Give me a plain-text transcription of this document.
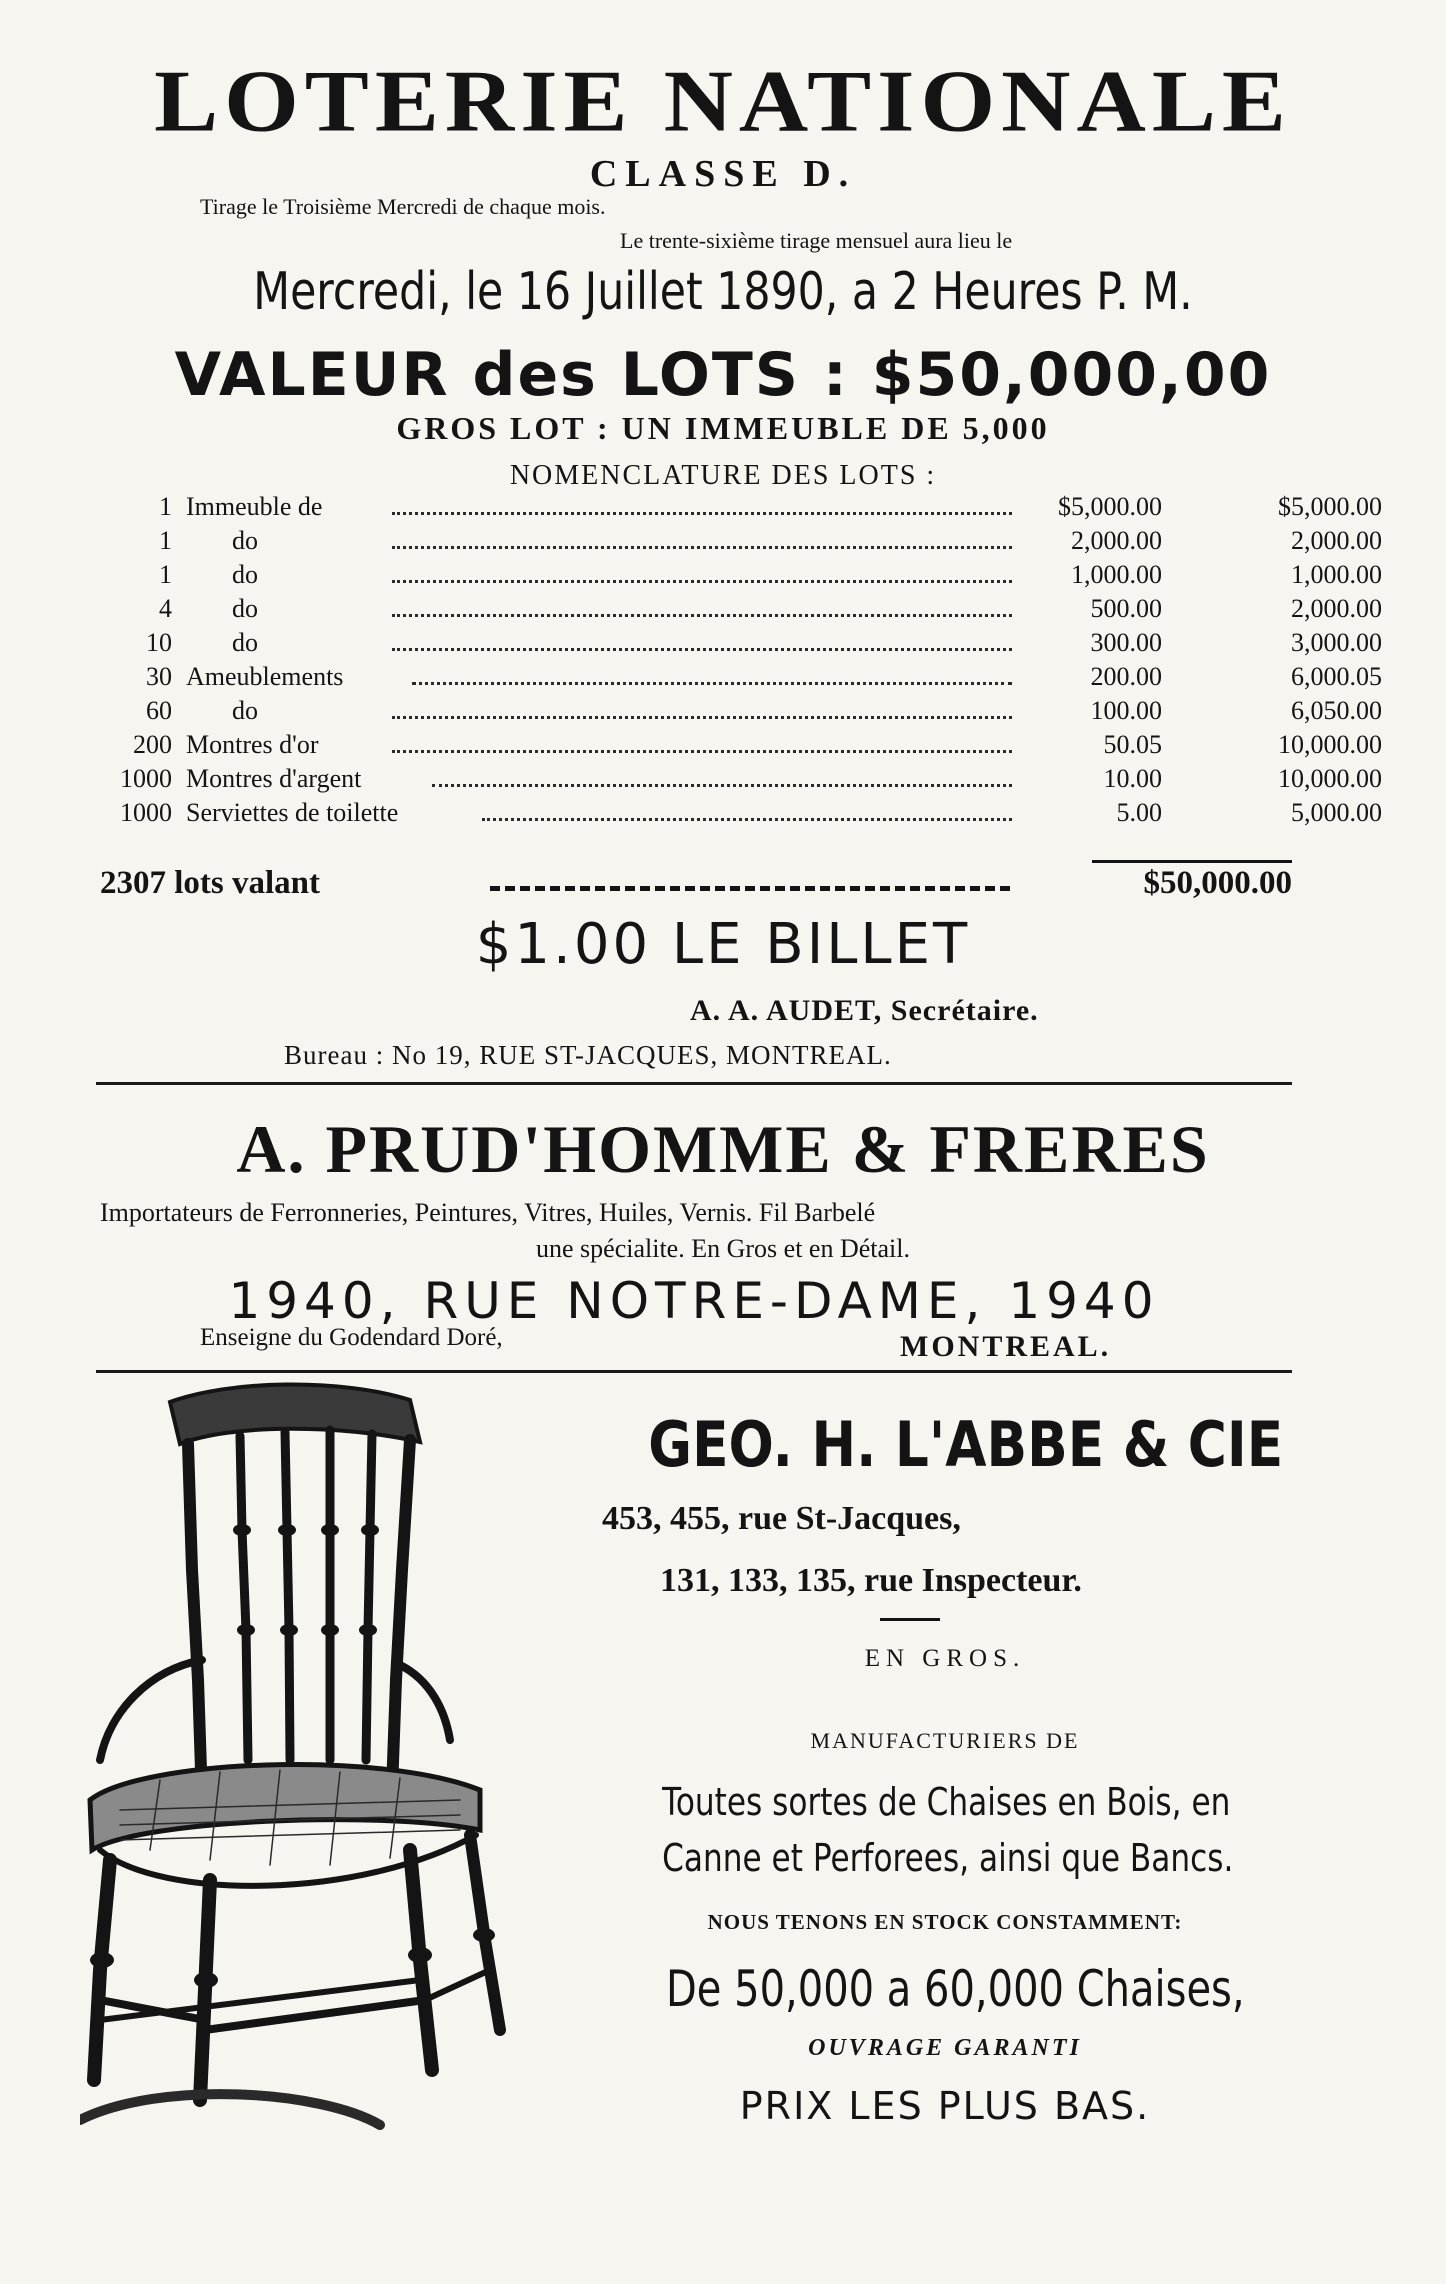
LOTERIE NATIONALE
CLASSE D.
Tirage le Troisième Mercredi de chaque mois.
Le trente-sixième tirage mensuel aura lieu le
Mercredi, le 16 Juillet 1890, a 2 Heures P. M.
VALEUR des LOTS : $50,000,00
GROS LOT : UN IMMEUBLE DE 5,000
NOMENCLATURE DES LOTS :
1 Immeuble de	$5,000.00	$5,000.00
1 do	2,000.00	2,000.00
1 do	1,000.00	1,000.00
4 do	500.00	2,000.00
10 do	300.00	3,000.00
30 Ameublements	200.00	6,000.05
60 do	100.00	6,050.00
200 Montres d'or	50.05	10,000.00
1000 Montres d'argent	10.00	10,000.00
1000 Serviettes de toilette	5.00	5,000.00
2307 lots valant	$50,000.00
$1.00 LE BILLET
A. A. AUDET, Secrétaire.
Bureau : No 19, RUE ST-JACQUES, MONTREAL.
A. PRUD'HOMME & FRERES
Importateurs de Ferronneries, Peintures, Vitres, Huiles, Vernis. Fil Barbelé
une spécialite. En Gros et en Détail.
1940, RUE NOTRE-DAME, 1940
Enseigne du Godendard Doré,	MONTREAL.
GEO. H. L'ABBE & CIE
453, 455, rue St-Jacques,
131, 133, 135, rue Inspecteur.
EN GROS.
MANUFACTURIERS DE
Toutes sortes de Chaises en Bois, en
Canne et Perforees, ainsi que Bancs.
NOUS TENONS EN STOCK CONSTAMMENT:
De 50,000 a 60,000 Chaises,
OUVRAGE GARANTI
PRIX LES PLUS BAS.
